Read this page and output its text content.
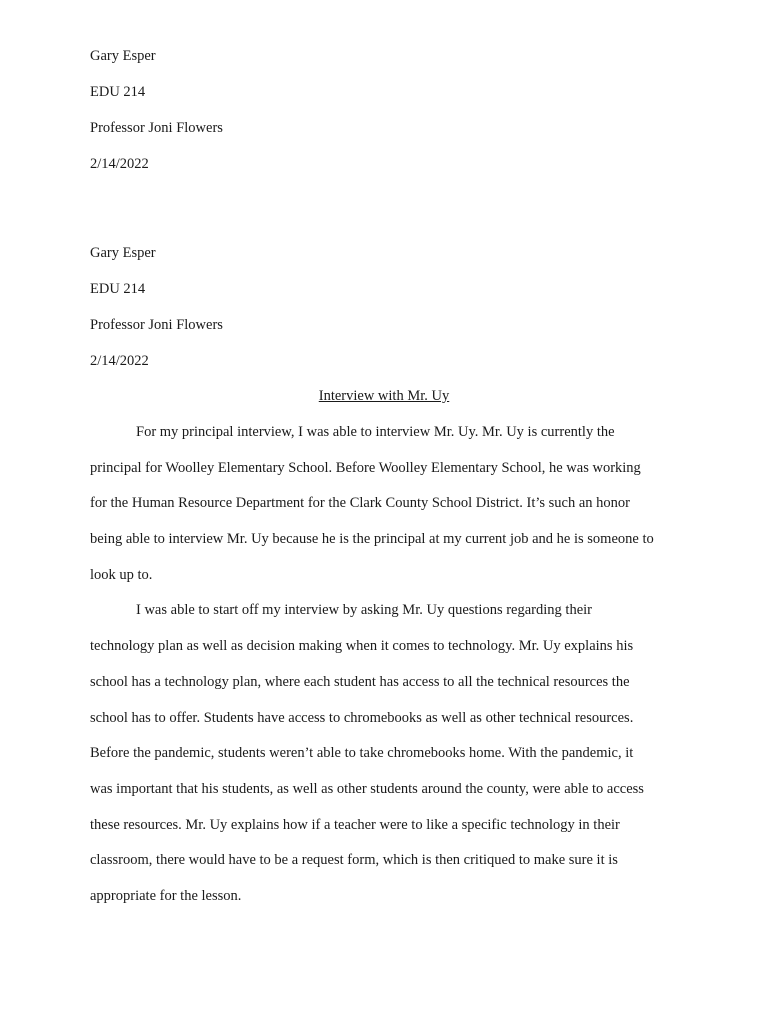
Gary Esper
EDU 214
Professor Joni Flowers
2/14/2022
Gary Esper
EDU 214
Professor Joni Flowers
2/14/2022
Interview with Mr. Uy
For my principal interview, I was able to interview Mr. Uy. Mr. Uy is currently the
principal for Woolley Elementary School. Before Woolley Elementary School, he was working
for the Human Resource Department for the Clark County School District. It’s such an honor
being able to interview Mr. Uy because he is the principal at my current job and he is someone to
look up to.
I was able to start off my interview by asking Mr. Uy questions regarding their
technology plan as well as decision making when it comes to technology. Mr. Uy explains his
school has a technology plan, where each student has access to all the technical resources the
school has to offer. Students have access to chromebooks as well as other technical resources.
Before the pandemic, students weren’t able to take chromebooks home. With the pandemic, it
was important that his students, as well as other students around the county, were able to access
these resources. Mr. Uy explains how if a teacher were to like a specific technology in their
classroom, there would have to be a request form, which is then critiqued to make sure it is
appropriate for the lesson.
